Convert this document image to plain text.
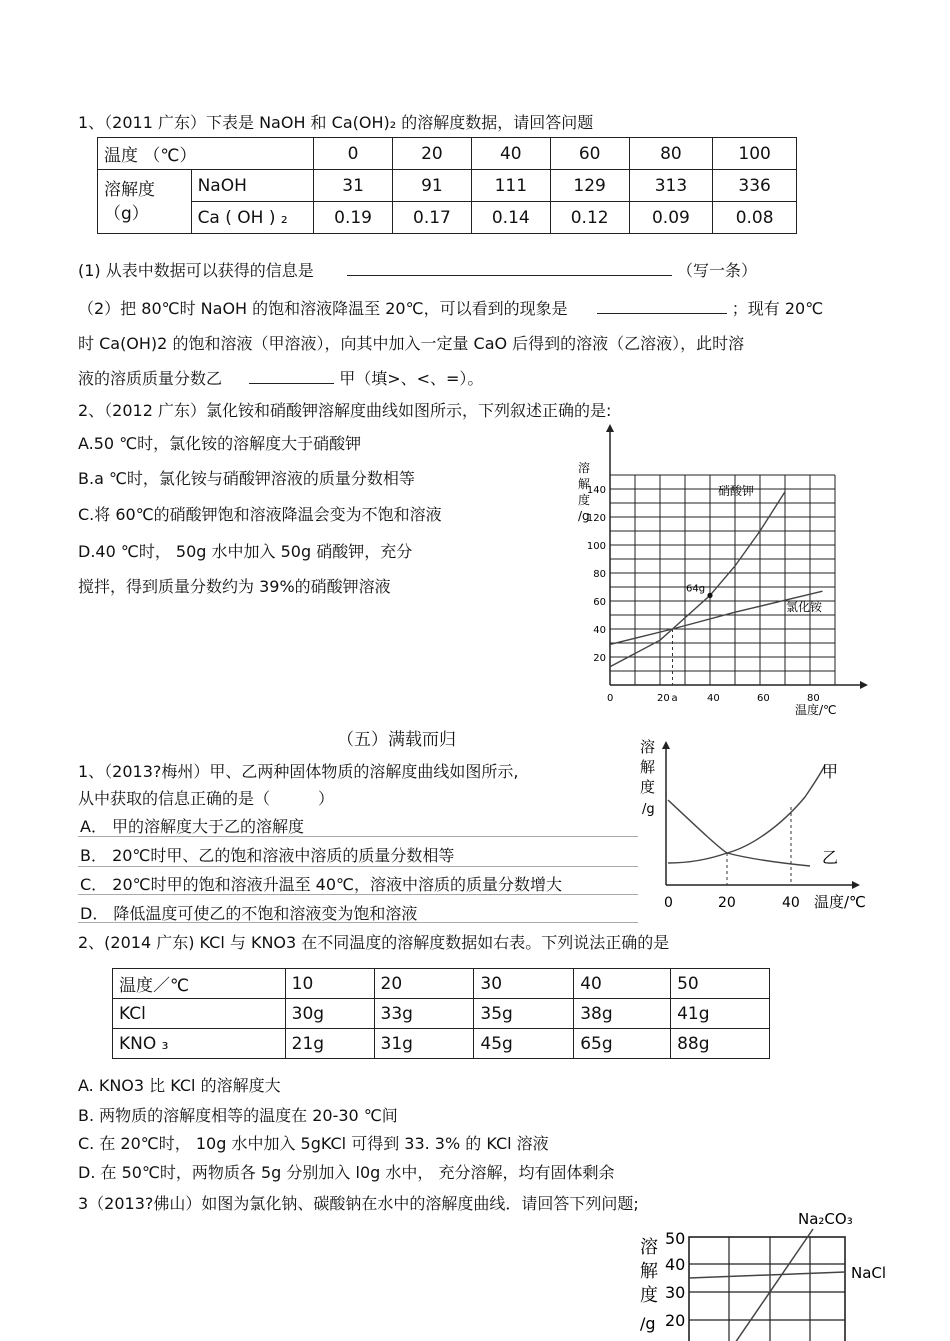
1、（2011 广东）下表是 NaOH 和 Ca(OH)₂ 的溶解度数据，请回答问题
温度 （℃）		0	20	40	60	80	100

溶解度
（g）	NaOH	31	91	111	129	313	336
	Ca ( OH ) ₂	0.19	0.17	0.14	0.12	0.09	0.08
(1) 从表中数据可以获得的信息是	（写一条）
（2）把 80℃时 NaOH 的饱和溶液降温至 20℃，可以看到的现象是	；现有 20℃
时 Ca(OH)2 的饱和溶液（甲溶液），向其中加入一定量 CaO 后得到的溶液（乙溶液），此时溶
液的溶质质量分数乙	甲（填>、<、=）。
2、（2012 广东）氯化铵和硝酸钾溶解度曲线如图所示，下列叙述正确的是:
A.50 ℃时，氯化铵的溶解度大于硝酸钾
B.a ℃时，氯化铵与硝酸钾溶液的质量分数相等
C.将 60℃的硝酸钾饱和溶液降温会变为不饱和溶液
D.40 ℃时， 50g 水中加入 50g 硝酸钾，充分
搅拌，得到质量分数约为 39%的硝酸钾溶液
溶
解
度
/g
20
40
60
80
100
120
140
0	20	40	60	80
a
64g
硝酸钾
氯化铵
温度/℃
（五）满载而归
1、（2013?梅州）甲、乙两种固体物质的溶解度曲线如图所示,
从中获取的信息正确的是（　　　）
A． 甲的溶解度大于乙的溶解度
B． 20℃时甲、乙的饱和溶液中溶质的质量分数相等
C． 20℃时甲的饱和溶液升温至 40℃，溶液中溶质的质量分数增大
D． 降低温度可使乙的不饱和溶液变为饱和溶液
溶
解
度
/g
甲
乙
0	20	40 温度/℃
2、(2014 广东) KCl 与 KNO3 在不同温度的溶解度数据如右表。下列说法正确的是
温度／℃	10	20	30	40	50
KCl	30g	33g	35g	38g	41g
KNO ₃	21g	31g	45g	65g	88g
A. KNO3 比 KCl 的溶解度大
B. 两物质的溶解度相等的温度在 20-30 ℃间
C. 在 20℃时， 10g 水中加入 5gKCl 可得到 33. 3% 的 KCl 溶液
D. 在 50℃时，两物质各 5g 分别加入 l0g 水中， 充分溶解，均有固体剩余
3（2013?佛山）如图为氯化钠、碳酸钠在水中的溶解度曲线．请回答下列问题;
溶
解
度
/g
50
40
30
20
Na₂CO₃
NaCl
